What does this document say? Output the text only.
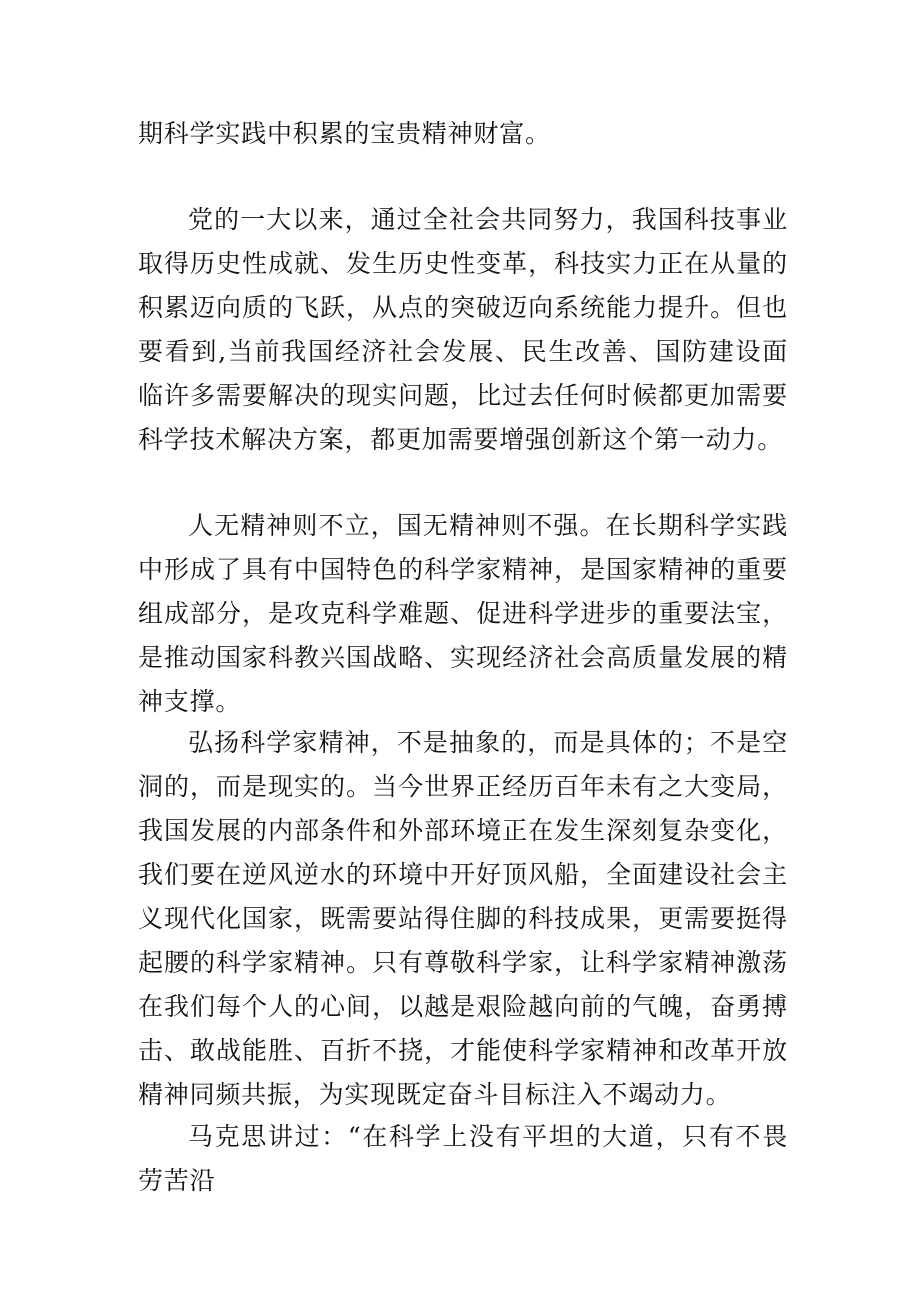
期科学实践中积累的宝贵精神财富。

党的一大以来，通过全社会共同努力，我国科技事业取得历史性成就、发生历史性变革，科技实力正在从量的积累迈向质的飞跃，从点的突破迈向系统能力提升。但也要看到,当前我国经济社会发展、民生改善、国防建设面临许多需要解决的现实问题，比过去任何时候都更加需要科学技术解决方案，都更加需要增强创新这个第一动力。

人无精神则不立，国无精神则不强。在长期科学实践中形成了具有中国特色的科学家精神，是国家精神的重要组成部分，是攻克科学难题、促进科学进步的重要法宝，是推动国家科教兴国战略、实现经济社会高质量发展的精神支撑。

弘扬科学家精神，不是抽象的，而是具体的；不是空洞的，而是现实的。当今世界正经历百年未有之大变局，我国发展的内部条件和外部环境正在发生深刻复杂变化，我们要在逆风逆水的环境中开好顶风船，全面建设社会主义现代化国家，既需要站得住脚的科技成果，更需要挺得起腰的科学家精神。只有尊敬科学家，让科学家精神激荡在我们每个人的心间，以越是艰险越向前的气魄，奋勇搏击、敢战能胜、百折不挠，才能使科学家精神和改革开放精神同频共振，为实现既定奋斗目标注入不竭动力。

马克思讲过：“在科学上没有平坦的大道，只有不畏劳苦沿
